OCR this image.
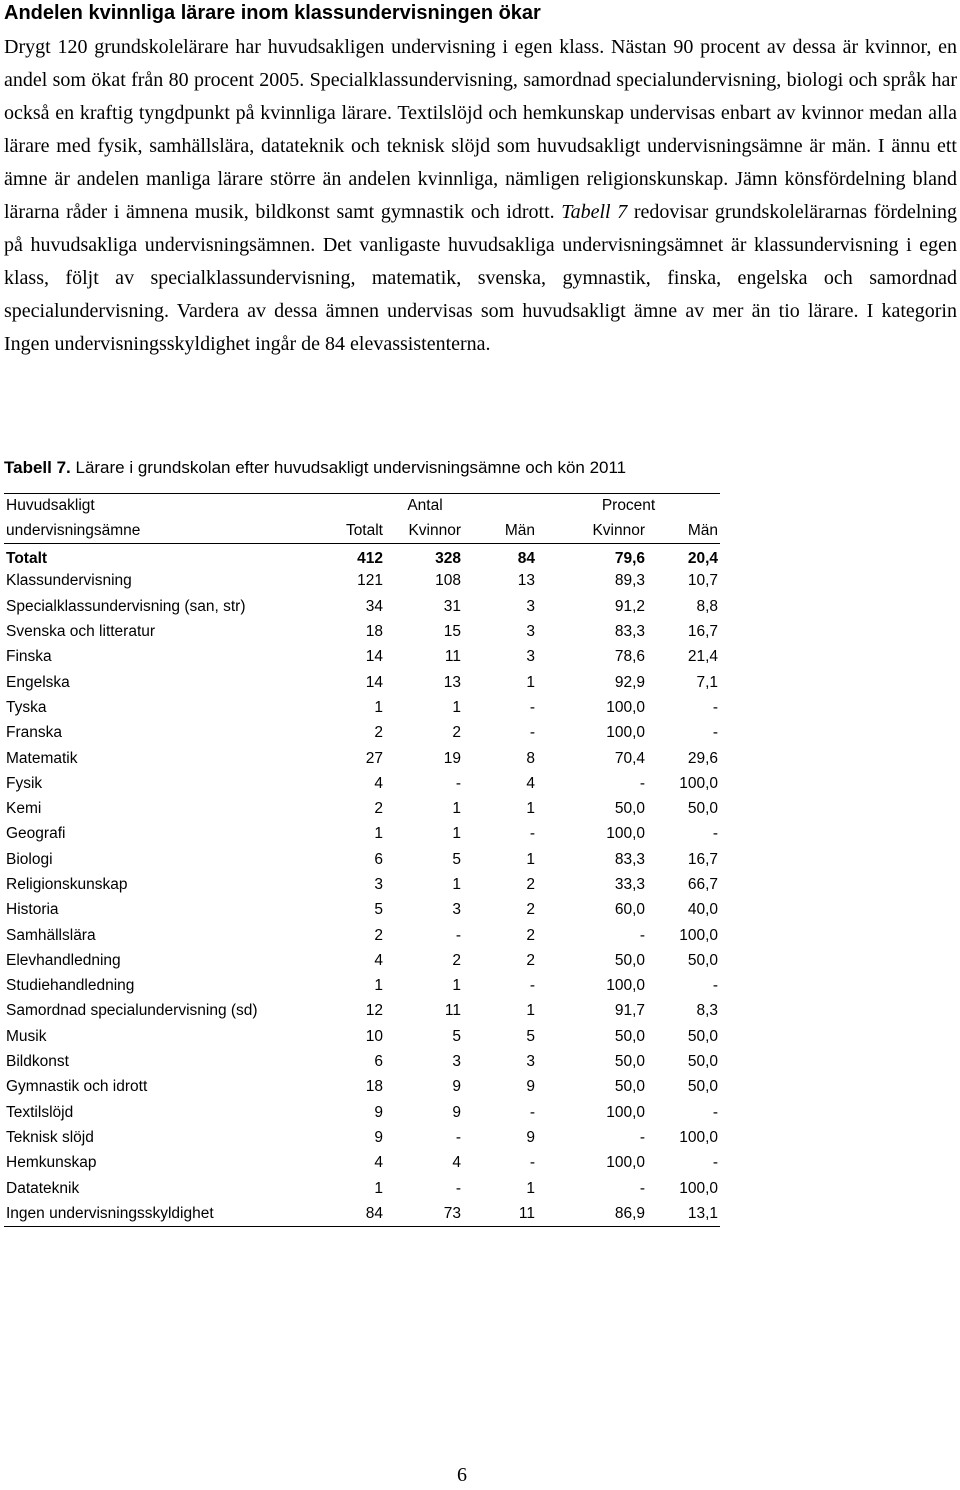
Andelen kvinnliga lärare inom klassundervisningen ökar

Drygt 120 grundskolelärare har huvudsakligen undervisning i egen klass. Nästan 90 procent av dessa är kvinnor, en andel som ökat från 80 procent 2005. Specialklassundervisning, samordnad specialundervisning, biologi och språk har också en kraftig tyngdpunkt på kvinnliga lärare. Textilslöjd och hemkunskap undervisas enbart av kvinnor medan alla lärare med fysik, samhällslära, datateknik och teknisk slöjd som huvudsakligt undervisningsämne är män. I ännu ett ämne är andelen manliga lärare större än andelen kvinnliga, nämligen religionskunskap. Jämn könsfördelning bland lärarna råder i ämnena musik, bildkonst samt gymnastik och idrott. Tabell 7 redovisar grundskolelärarnas fördelning på huvudsakliga undervisningsämnen. Det vanligaste huvudsakliga undervisningsämnet är klassundervisning i egen klass, följt av specialklassundervisning, matematik, svenska, gymnastik, finska, engelska och samordnad specialundervisning. Vardera av dessa ämnen undervisas som huvudsakligt ämne av mer än tio lärare. I kategorin Ingen undervisningsskyldighet ingår de 84 elevassistenterna.

Tabell 7. Lärare i grundskolan efter huvudsakligt undervisningsämne och kön 2011

Huvudsakligt	Antal			Procent	
undervisningsämne	Totalt	Kvinnor	Män	Kvinnor	Män
Totalt	412	328	84	79,6	20,4
Klassundervisning	121	108	13	89,3	10,7
Specialklassundervisning (san, str)	34	31	3	91,2	8,8
Svenska och litteratur	18	15	3	83,3	16,7
Finska	14	11	3	78,6	21,4
Engelska	14	13	1	92,9	7,1
Tyska	1	1	-	100,0	-
Franska	2	2	-	100,0	-
Matematik	27	19	8	70,4	29,6
Fysik	4	-	4	-	100,0
Kemi	2	1	1	50,0	50,0
Geografi	1	1	-	100,0	-
Biologi	6	5	1	83,3	16,7
Religionskunskap	3	1	2	33,3	66,7
Historia	5	3	2	60,0	40,0
Samhällslära	2	-	2	-	100,0
Elevhandledning	4	2	2	50,0	50,0
Studiehandledning	1	1	-	100,0	-
Samordnad specialundervisning (sd)	12	11	1	91,7	8,3
Musik	10	5	5	50,0	50,0
Bildkonst	6	3	3	50,0	50,0
Gymnastik och idrott	18	9	9	50,0	50,0
Textilslöjd	9	9	-	100,0	-
Teknisk slöjd	9	-	9	-	100,0
Hemkunskap	4	4	-	100,0	-
Datateknik	1	-	1	-	100,0
Ingen undervisningsskyldighet	84	73	11	86,9	13,1
6
